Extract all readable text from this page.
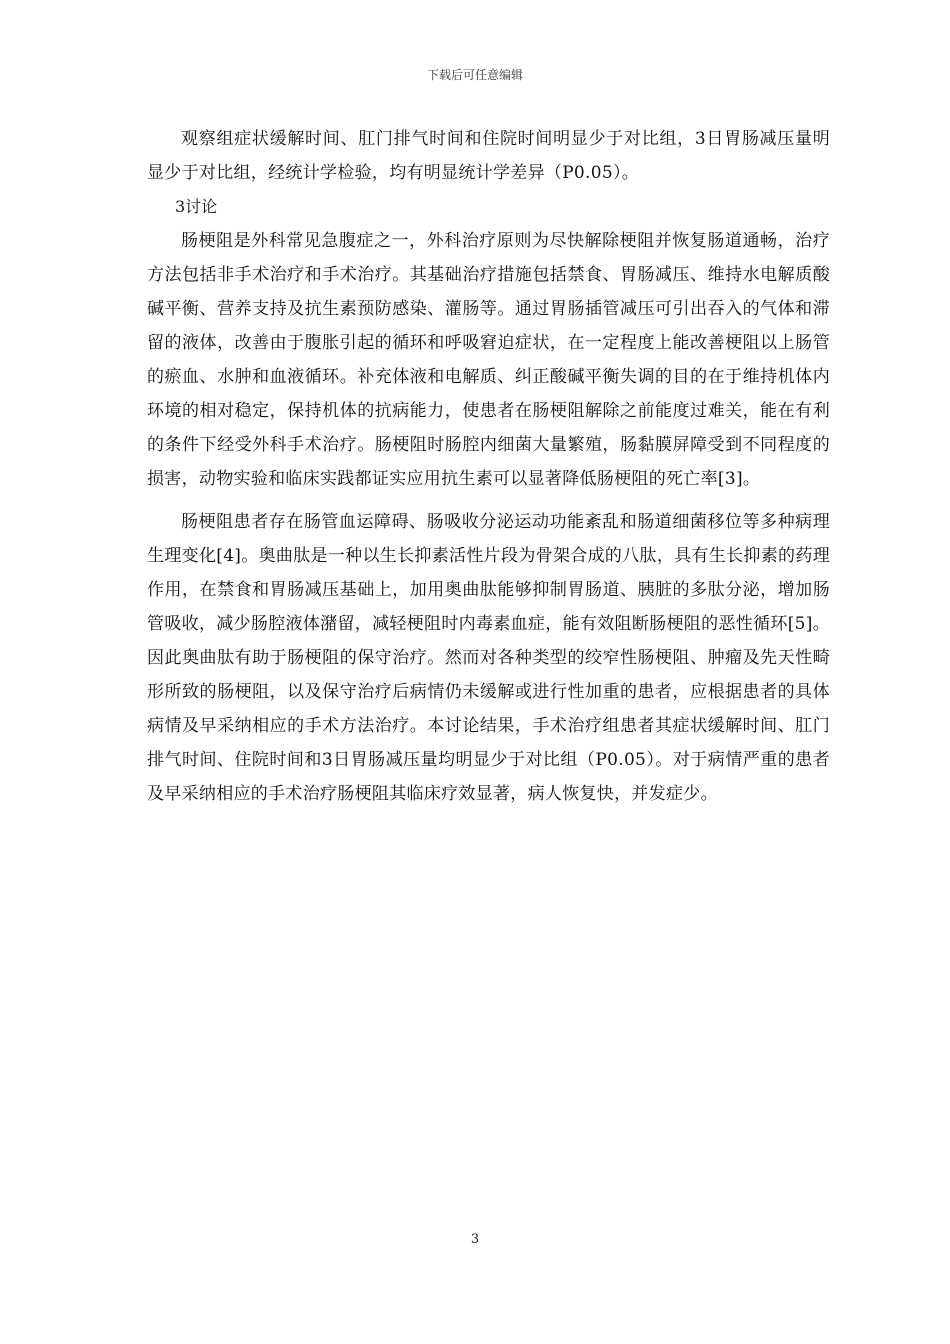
下载后可任意编辑

观察组症状缓解时间、肛门排气时间和住院时间明显少于对比组，3日胃肠减压量明显少于对比组，经统计学检验，均有明显统计学差异（P0.05）。

3讨论

肠梗阻是外科常见急腹症之一，外科治疗原则为尽快解除梗阻并恢复肠道通畅，治疗方法包括非手术治疗和手术治疗。其基础治疗措施包括禁食、胃肠减压、维持水电解质酸碱平衡、营养支持及抗生素预防感染、灌肠等。通过胃肠插管减压可引出吞入的气体和滞留的液体，改善由于腹胀引起的循环和呼吸窘迫症状，在一定程度上能改善梗阻以上肠管的瘀血、水肿和血液循环。补充体液和电解质、纠正酸碱平衡失调的目的在于维持机体内环境的相对稳定，保持机体的抗病能力，使患者在肠梗阻解除之前能度过难关，能在有利的条件下经受外科手术治疗。肠梗阻时肠腔内细菌大量繁殖，肠黏膜屏障受到不同程度的损害，动物实验和临床实践都证实应用抗生素可以显著降低肠梗阻的死亡率[3]。

肠梗阻患者存在肠管血运障碍、肠吸收分泌运动功能紊乱和肠道细菌移位等多种病理生理变化[4]。奥曲肽是一种以生长抑素活性片段为骨架合成的八肽，具有生长抑素的药理作用，在禁食和胃肠减压基础上，加用奥曲肽能够抑制胃肠道、胰脏的多肽分泌，增加肠管吸收，减少肠腔液体潴留，减轻梗阻时内毒素血症，能有效阻断肠梗阻的恶性循环[5]。因此奥曲肽有助于肠梗阻的保守治疗。然而对各种类型的绞窄性肠梗阻、肿瘤及先天性畸形所致的肠梗阻，以及保守治疗后病情仍未缓解或进行性加重的患者，应根据患者的具体病情及早采纳相应的手术方法治疗。本讨论结果，手术治疗组患者其症状缓解时间、肛门排气时间、住院时间和3日胃肠减压量均明显少于对比组（P0.05）。对于病情严重的患者及早采纳相应的手术治疗肠梗阻其临床疗效显著，病人恢复快，并发症少。

3
